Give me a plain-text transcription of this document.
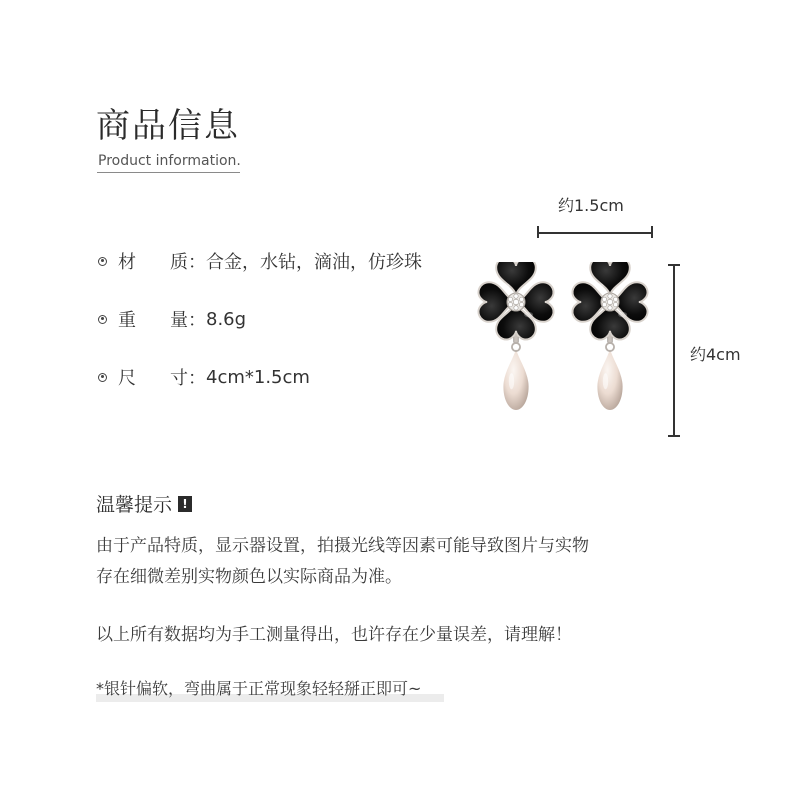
商品信息
Product information.
材	质： 合金，水钻，滴油，仿珍珠
重	量： 8.6g
尺	寸： 4cm*1.5cm
约1.5cm
约4cm
温馨提示 !
由于产品特质，显示器设置，拍摄光线等因素可能导致图片与实物
存在细微差别实物颜色以实际商品为准。
以上所有数据均为手工测量得出，也许存在少量误差，请理解！
*银针偏软，弯曲属于正常现象轻轻掰正即可~
